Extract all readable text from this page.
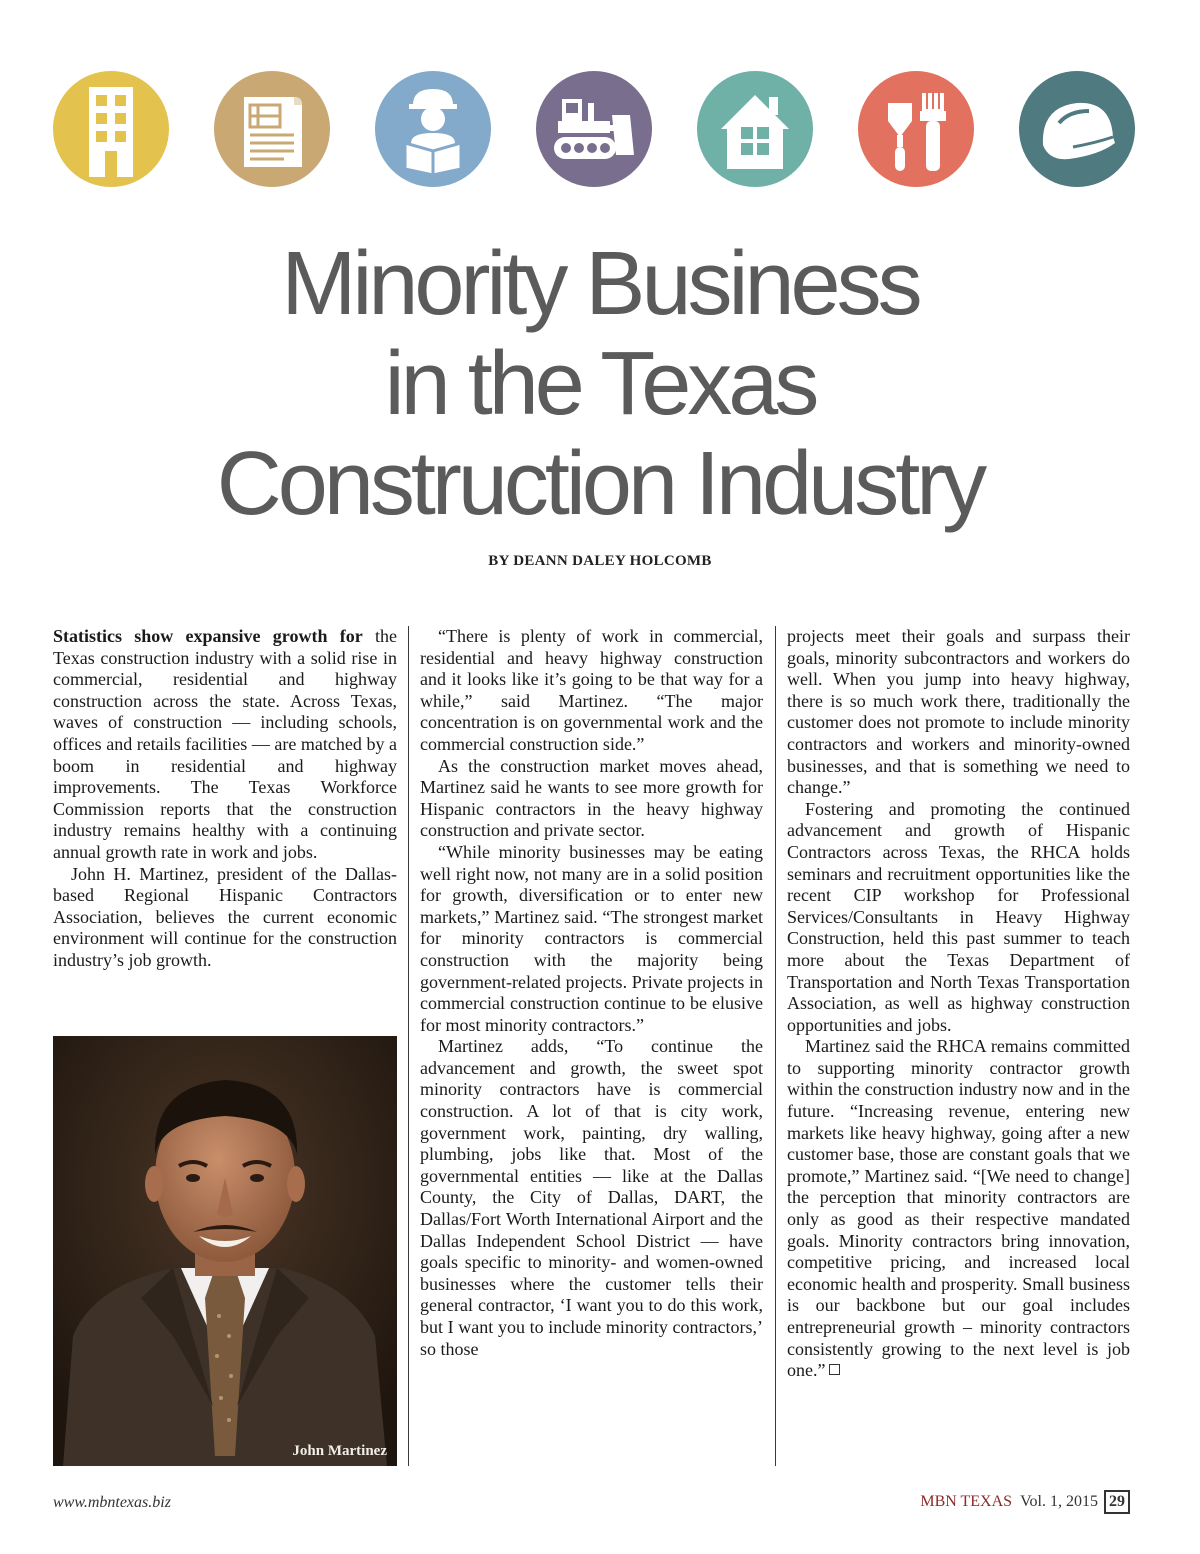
Minority Business
in the Texas
Construction Industry
BY DEANN DALEY HOLCOMB

Statistics show expansive growth for the Texas construction industry with a solid rise in commercial, residential and highway construction across the state. Across Texas, waves of construction — including schools, offices and retails facilities — are matched by a boom in residential and highway improvements. The Texas Workforce Commission reports that the construction industry remains healthy with a continuing annual growth rate in work and jobs.

John H. Martinez, president of the Dallas-based Regional Hispanic Contractors Association, believes the current economic environment will continue for the construction industry’s job growth.

John Martinez

“There is plenty of work in commercial, residential and heavy highway construction and it looks like it’s going to be that way for a while,” said Martinez. “The major concentration is on governmental work and the commercial construction side.”

As the construction market moves ahead, Martinez said he wants to see more growth for Hispanic contractors in the heavy highway construction and private sector.

“While minority businesses may be eating well right now, not many are in a solid position for growth, diversification or to enter new markets,” Martinez said. “The strongest market for minority contractors is commercial construction with the majority being government-related projects. Private projects in commercial construction continue to be elusive for most minority contractors.”

Martinez adds, “To continue the advancement and growth, the sweet spot minority contractors have is commercial construction. A lot of that is city work, government work, painting, dry walling, plumbing, jobs like that. Most of the governmental entities — like at the Dallas County, the City of Dallas, DART, the Dallas/Fort Worth International Airport and the Dallas Independent School District — have goals specific to minority- and women-owned businesses where the customer tells their general contractor, ‘I want you to do this work, but I want you to include minority contractors,’ so those

projects meet their goals and surpass their goals, minority subcontractors and workers do well. When you jump into heavy highway, there is so much work there, traditionally the customer does not promote to include minority contractors and workers and minority-owned businesses, and that is something we need to change.”

Fostering and promoting the continued advancement and growth of Hispanic Contractors across Texas, the RHCA holds seminars and recruitment opportunities like the recent CIP workshop for Professional Services/Consultants in Heavy Highway Construction, held this past summer to teach more about the Texas Department of Transportation and North Texas Transportation Association, as well as highway construction opportunities and jobs.

Martinez said the RHCA remains committed to supporting minority contractor growth within the construction industry now and in the future. “Increasing revenue, entering new markets like heavy highway, going after a new customer base, those are constant goals that we promote,” Martinez said. “[We need to change] the perception that minority contractors are only as good as their respective mandated goals. Minority contractors bring innovation, competitive pricing, and increased local economic health and prosperity. Small business is our backbone but our goal includes entrepreneurial growth – minority contractors consistently growing to the next level is job one.”

www.mbntexas.biz	MBN TEXAS Vol. 1, 2015 29
